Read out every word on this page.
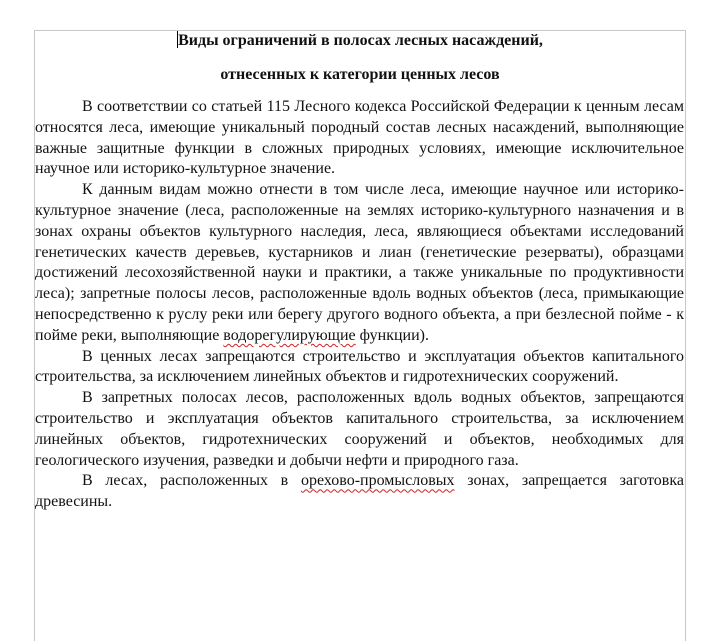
Виды ограничений в полосах лесных насаждений,

отнесенных к категории ценных лесов

В соответствии со статьей 115 Лесного кодекса Российской Федерации к ценным лесам относятся леса, имеющие уникальный породный состав лесных насаждений, выполняющие важные защитные функции в сложных природных условиях, имеющие исключительное научное или историко-культурное значение.

К данным видам можно отнести в том числе леса, имеющие научное или историко-культурное значение (леса, расположенные на землях историко-культурного назначения и в зонах охраны объектов культурного наследия, леса, являющиеся объектами исследований генетических качеств деревьев, кустарников и лиан (генетические резерваты), образцами достижений лесохозяйственной науки и практики, а также уникальные по продуктивности леса); запретные полосы лесов, расположенные вдоль водных объектов (леса, примыкающие непосредственно к руслу реки или берегу другого водного объекта, а при безлесной пойме - к пойме реки, выполняющие водорегулирующие функции).

В ценных лесах запрещаются строительство и эксплуатация объектов капитального строительства, за исключением линейных объектов и гидротехнических сооружений.

В запретных полосах лесов, расположенных вдоль водных объектов, запрещаются строительство и эксплуатация объектов капитального строительства, за исключением линейных объектов, гидротехнических сооружений и объектов, необходимых для геологического изучения, разведки и добычи нефти и природного газа.

В лесах, расположенных в орехово-промысловых зонах, запрещается заготовка древесины.
